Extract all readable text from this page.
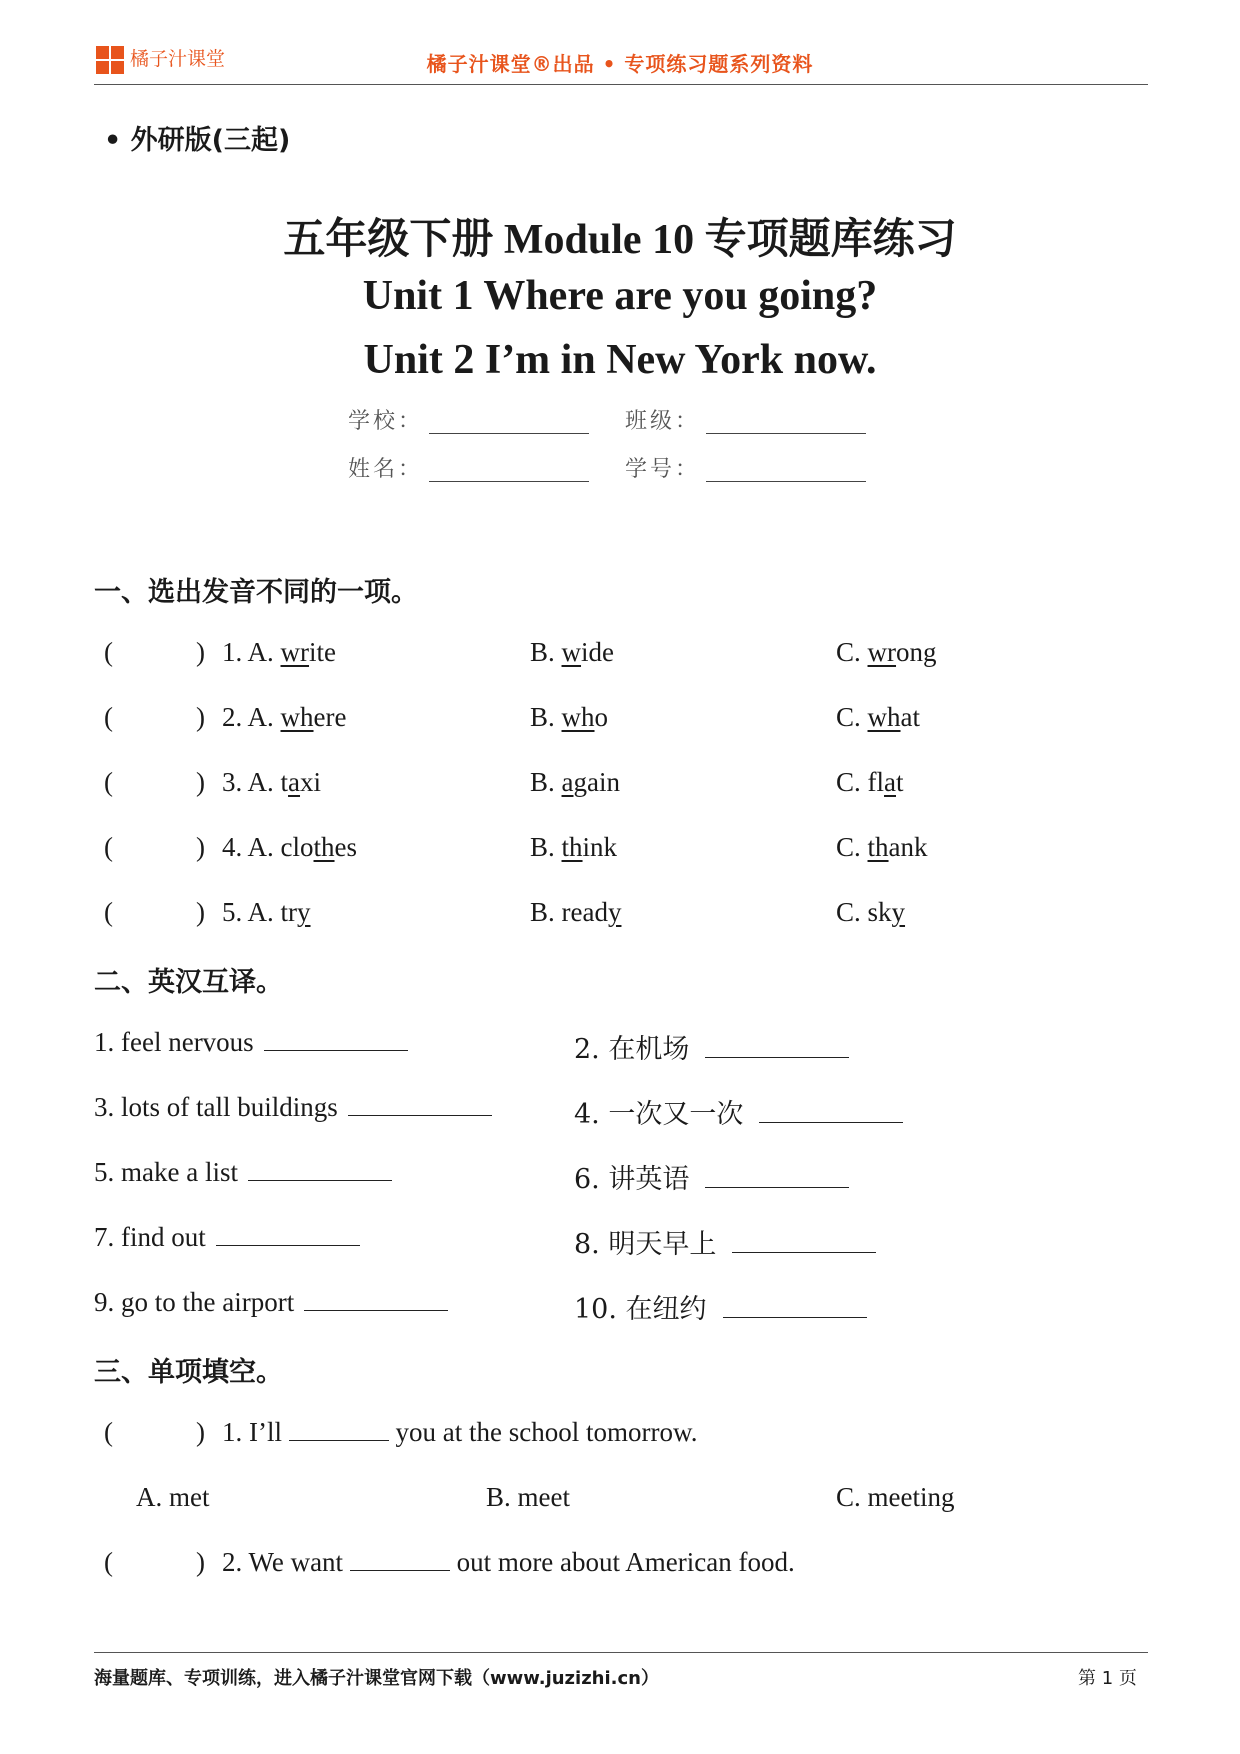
橘子汁课堂	橘子汁课堂®出品 • 专项练习题系列资料
• 外研版(三起)
五年级下册 Module 10 专项题库练习
Unit 1 Where are you going?
Unit 2 I’m in New York now.
学校：	班级：
姓名：	学号：
一、选出发音不同的一项。
(	) 1. A. write	B. wide	C. wrong
(	) 2. A. where	B. who	C. what
(	) 3. A. taxi	B. again	C. flat
(	) 4. A. clothes	B. think	C. thank
(	) 5. A. try	B. ready	C. sky
二、英汉互译。
1. feel nervous	2. 在机场
3. lots of tall buildings	4. 一次又一次
5. make a list	6. 讲英语
7. find out	8. 明天早上
9. go to the airport	10. 在纽约
三、单项填空。
(	) 1. I’ll	you at the school tomorrow.
A. met	B. meet	C. meeting
(	) 2. We want	out more about American food.
海量题库、专项训练，进入橘子汁课堂官网下载（www.juzizhi.cn）	第 1 页
